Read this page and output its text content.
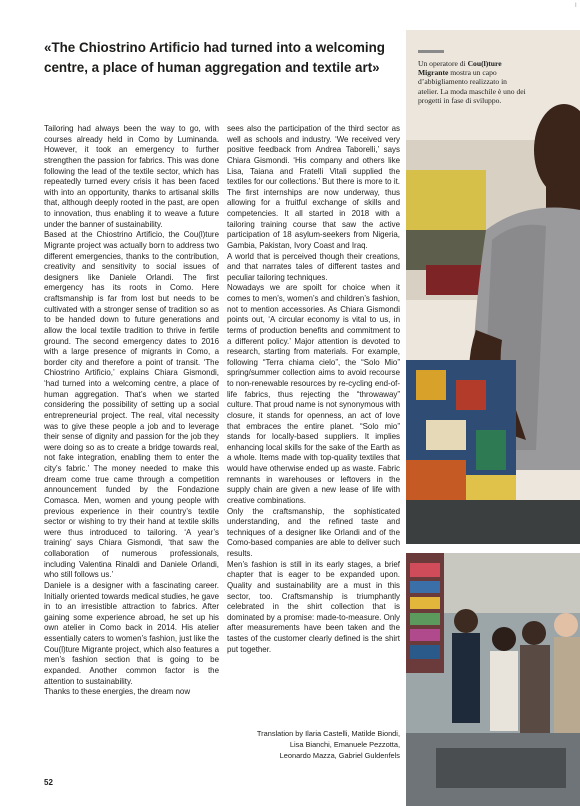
I
«The Chiostrino Artificio had turned into a welcoming centre, a place of human aggregation and textile art»

Tailoring had always been the way to go, with courses already held in Como by Luminanda. However, it took an emergency to further strengthen the passion for fabrics. This was done following the lead of the textile sector, which has repeatedly turned every crisis it has been faced with into an opportunity, thanks to artisanal skills that, although deeply rooted in the past, are open to innovation, thus enabling it to weave a future under the banner of sustainability.

Based at the Chiostrino Artificio, the Cou(l)ture Migrante project was actually born to address two different emergencies, thanks to the contribution, creativity and sensitivity to social issues of designers like Daniele Orlandi. The first emergency has its roots in Como. Here craftsmanship is far from lost but needs to be cultivated with a stronger sense of tradition so as to be handed down to future generations and allow the local textile tradition to thrive in fertile ground. The second emergency dates to 2016 with a large presence of migrants in Como, a border city and therefore a point of transit. ‘The Chiostrino Artificio,’ explains Chiara Gismondi, ‘had turned into a welcoming centre, a place of human aggregation. That’s when we started considering the possibility of setting up a social entrepreneurial project. The real, vital necessity was to give these people a job and to leverage their sense of dignity and passion for the job they were doing so as to create a bridge towards real, not fake integration, enabling them to enter the city’s fabric.’ The money needed to make this dream come true came through a competition announcement funded by the Fondazione Comasca. Men, women and young people with previous experience in their country’s textile sector or wishing to try their hand at textile skills were thus introduced to tailoring. ‘A year’s training’ says Chiara Gismondi, ‘that saw the collaboration of numerous professionals, including Valentina Rinaldi and Daniele Orlandi, who still follows us.’

Daniele is a designer with a fascinating career. Initially oriented towards medical studies, he gave in to an irresistible attraction to fabrics. After gaining some experience abroad, he set up his own atelier in Como back in 2014. His atelier essentially caters to women’s fashion, just like the Cou(l)ture Migrante project, which also features a men’s fashion section that is going to be expanded. Another common factor is the attention to sustainability.

Thanks to these energies, the dream now

sees also the participation of the third sector as well as schools and industry. ‘We received very positive feedback from Andrea Taborelli,’ says Chiara Gismondi. ‘His company and others like Lisa, Taiana and Fratelli Vitali supplied the textiles for our collections.’ But there is more to it. The first internships are now underway, thus allowing for a fruitful exchange of skills and competencies. It all started in 2018 with a tailoring training course that saw the active participation of 18 asylum-seekers from Nigeria, Gambia, Pakistan, Ivory Coast and Iraq.

A world that is perceived though their creations, and that narrates tales of different tastes and peculiar tailoring techniques.

Nowadays we are spoilt for choice when it comes to men’s, women’s and children’s fashion, not to mention accessories. As Chiara Gismondi points out, ‘A circular economy is vital to us, in terms of production benefits and commitment to a different policy.’ Major attention is devoted to research, starting from materials. For example, following “Terra chiama cielo”, the “Solo Mio” spring/summer collection aims to avoid recourse to non-renewable resources by re-cycling end-of-life fabrics, thus rejecting the “throwaway” culture. That proud name is not synonymous with closure, it stands for openness, an act of love that embraces the entire planet. “Solo mio” stands for locally-based suppliers. It implies enhancing local skills for the sake of the Earth as a whole. Items made with top-quality textiles that would have otherwise ended up as waste. Fabric remnants in warehouses or leftovers in the supply chain are given a new lease of life with creative combinations.

Only the craftsmanship, the sophisticated understanding, and the refined taste and techniques of a designer like Orlandi and of the Como-based companies are able to deliver such results.

Men’s fashion is still in its early stages, a brief chapter that is eager to be expanded upon. Quality and sustainability are a must in this sector, too. Craftsmanship is triumphantly celebrated in the shirt collection that is dominated by a promise: made-to-measure. Only after measurements have been taken and the tastes of the customer clearly defined is the shirt put together.

Translation by Ilaria Castelli, Matilde Biondi,
Lisa Bianchi, Emanuele Pezzotta,
Leonardo Mazza, Gabriel Guldenfels
52
Un operatore di Cou(l)ture Migrante mostra un capo d’abbigliamento realizzato in atelier. La moda maschile è uno dei progetti in fase di sviluppo.
